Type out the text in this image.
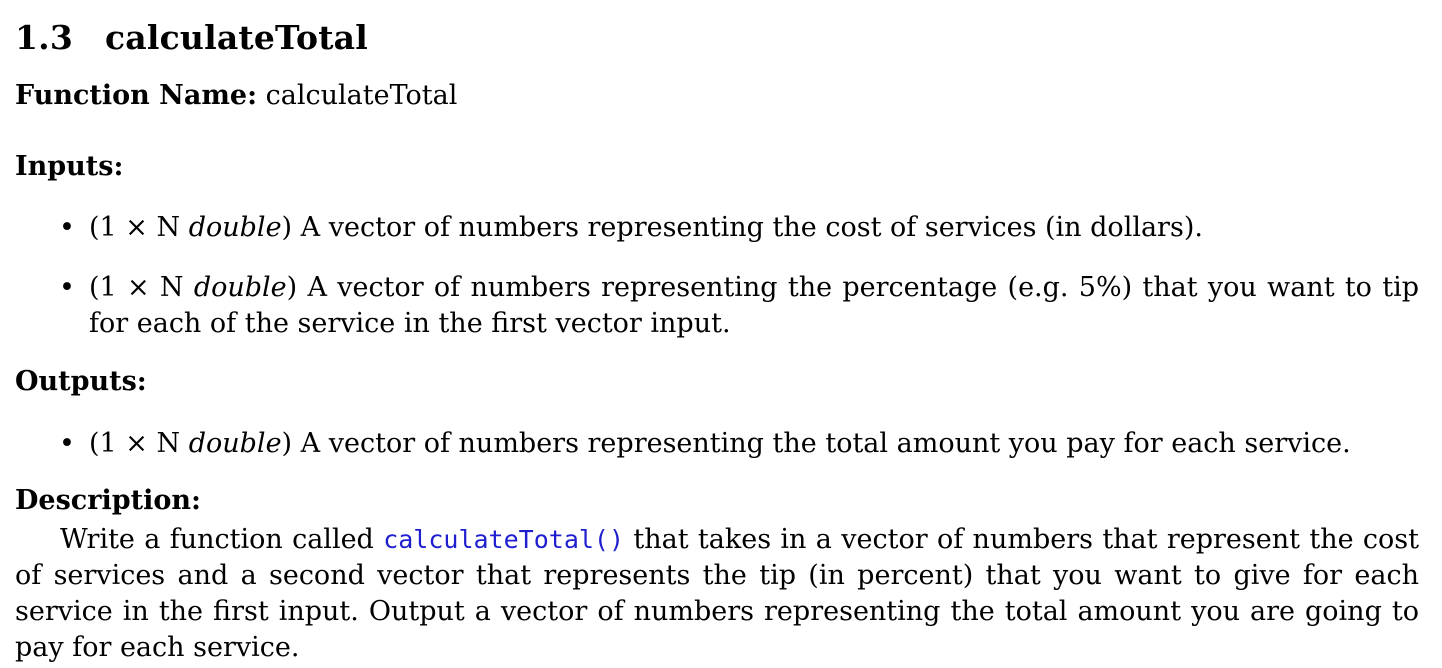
1.3 calculateTotal
Function Name: calculateTotal
Inputs:
• (1 × N double) A vector of numbers representing the cost of services (in dollars).
• (1 × N double) A vector of numbers representing the percentage (e.g. 5%) that you want to tip for each of the service in the first vector input.
Outputs:
• (1 × N double) A vector of numbers representing the total amount you pay for each service.
Description:
Write a function called calculateTotal() that takes in a vector of numbers that represent the cost of services and a second vector that represents the tip (in percent) that you want to give for each service in the first input. Output a vector of numbers representing the total amount you are going to pay for each service.
